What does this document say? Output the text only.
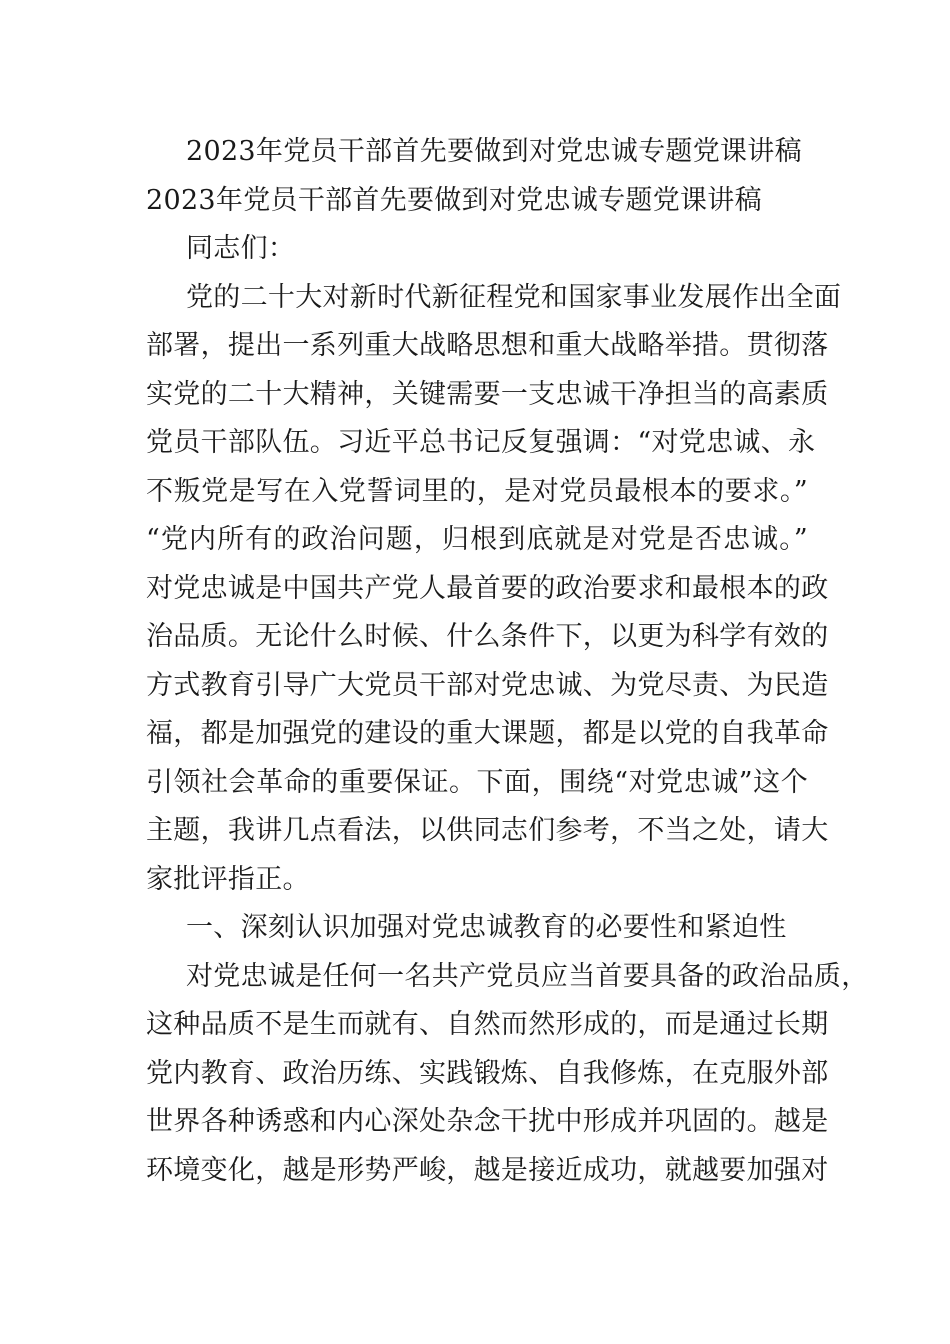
2023年党员干部首先要做到对党忠诚专题党课讲稿
2023年党员干部首先要做到对党忠诚专题党课讲稿
同志们：
党的二十大对新时代新征程党和国家事业发展作出全面
部署，提出一系列重大战略思想和重大战略举措。贯彻落
实党的二十大精神，关键需要一支忠诚干净担当的高素质
党员干部队伍。习近平总书记反复强调：“对党忠诚、永
不叛党是写在入党誓词里的，是对党员最根本的要求。”
“党内所有的政治问题，归根到底就是对党是否忠诚。”
对党忠诚是中国共产党人最首要的政治要求和最根本的政
治品质。无论什么时候、什么条件下，以更为科学有效的
方式教育引导广大党员干部对党忠诚、为党尽责、为民造
福，都是加强党的建设的重大课题，都是以党的自我革命
引领社会革命的重要保证。下面，围绕“对党忠诚”这个
主题，我讲几点看法，以供同志们参考，不当之处，请大
家批评指正。
一、深刻认识加强对党忠诚教育的必要性和紧迫性
对党忠诚是任何一名共产党员应当首要具备的政治品质，
这种品质不是生而就有、自然而然形成的，而是通过长期
党内教育、政治历练、实践锻炼、自我修炼，在克服外部
世界各种诱惑和内心深处杂念干扰中形成并巩固的。越是
环境变化，越是形势严峻，越是接近成功，就越要加强对
